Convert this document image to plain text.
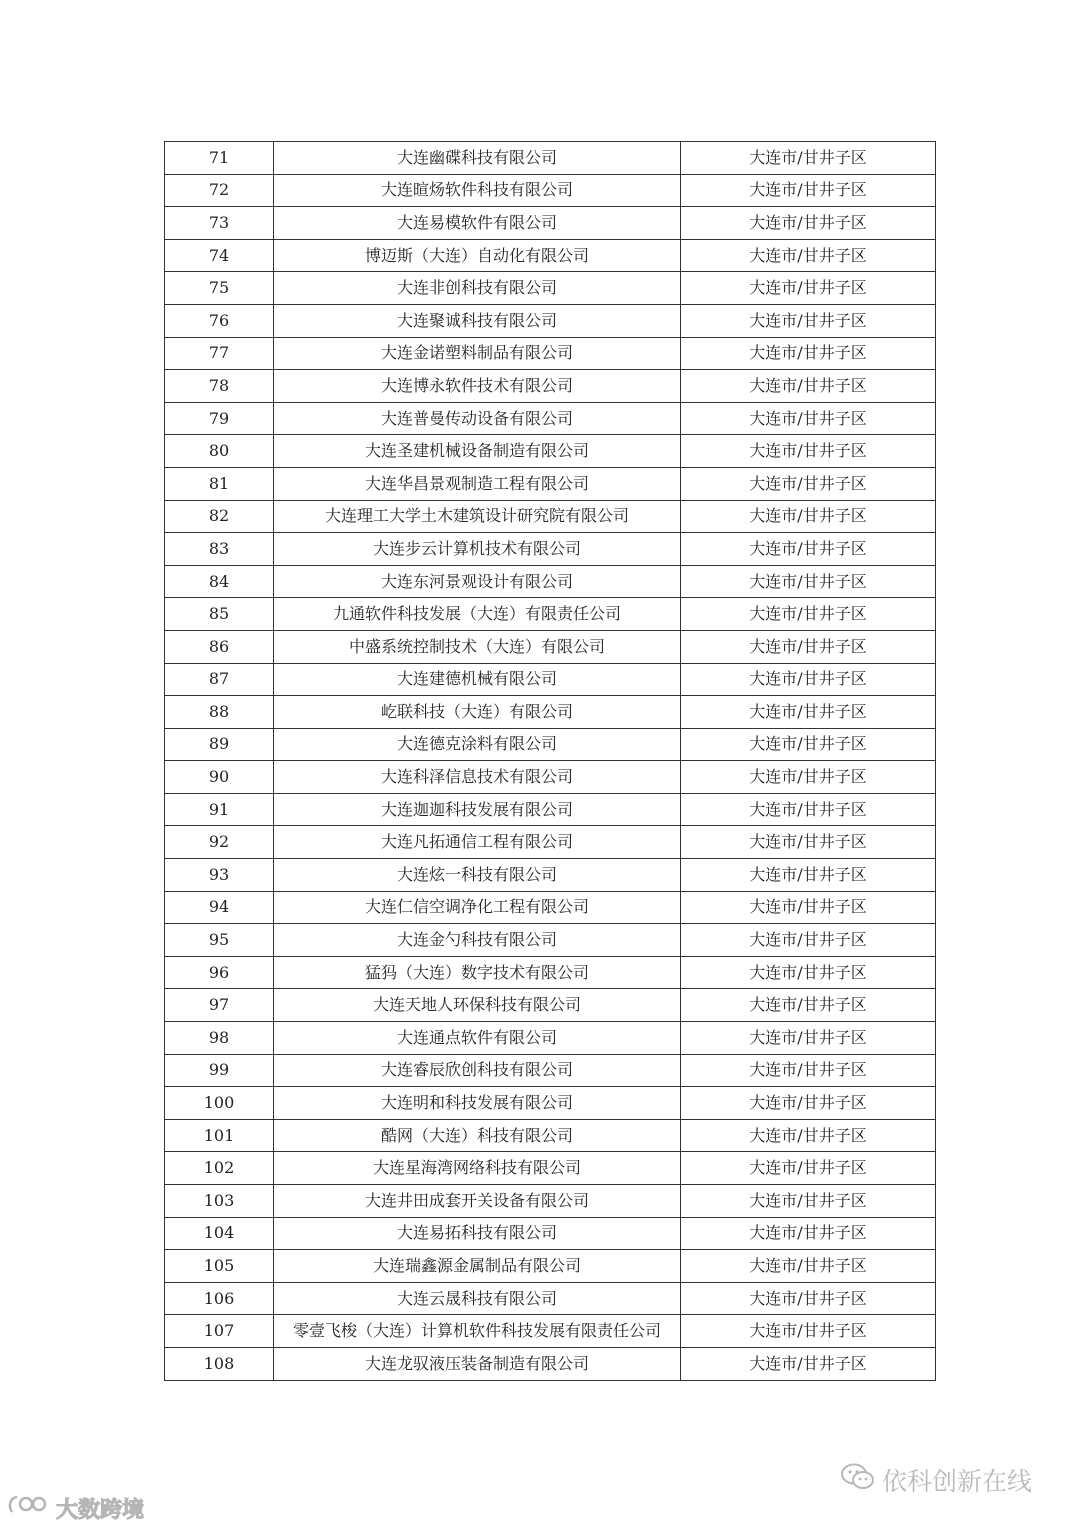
71	大连幽碟科技有限公司	大连市/甘井子区
72	大连暄炀软件科技有限公司	大连市/甘井子区
73	大连易模软件有限公司	大连市/甘井子区
74	博迈斯（大连）自动化有限公司	大连市/甘井子区
75	大连非创科技有限公司	大连市/甘井子区
76	大连聚诚科技有限公司	大连市/甘井子区
77	大连金诺塑料制品有限公司	大连市/甘井子区
78	大连博永软件技术有限公司	大连市/甘井子区
79	大连普曼传动设备有限公司	大连市/甘井子区
80	大连圣建机械设备制造有限公司	大连市/甘井子区
81	大连华昌景观制造工程有限公司	大连市/甘井子区
82	大连理工大学土木建筑设计研究院有限公司	大连市/甘井子区
83	大连步云计算机技术有限公司	大连市/甘井子区
84	大连东河景观设计有限公司	大连市/甘井子区
85	九通软件科技发展（大连）有限责任公司	大连市/甘井子区
86	中盛系统控制技术（大连）有限公司	大连市/甘井子区
87	大连建德机械有限公司	大连市/甘井子区
88	屹联科技（大连）有限公司	大连市/甘井子区
89	大连德克涂料有限公司	大连市/甘井子区
90	大连科泽信息技术有限公司	大连市/甘井子区
91	大连迦迦科技发展有限公司	大连市/甘井子区
92	大连凡拓通信工程有限公司	大连市/甘井子区
93	大连炫一科技有限公司	大连市/甘井子区
94	大连仁信空调净化工程有限公司	大连市/甘井子区
95	大连金勺科技有限公司	大连市/甘井子区
96	猛犸（大连）数字技术有限公司	大连市/甘井子区
97	大连天地人环保科技有限公司	大连市/甘井子区
98	大连通点软件有限公司	大连市/甘井子区
99	大连睿辰欣创科技有限公司	大连市/甘井子区
100	大连明和科技发展有限公司	大连市/甘井子区
101	酷网（大连）科技有限公司	大连市/甘井子区
102	大连星海湾网络科技有限公司	大连市/甘井子区
103	大连井田成套开关设备有限公司	大连市/甘井子区
104	大连易拓科技有限公司	大连市/甘井子区
105	大连瑞鑫源金属制品有限公司	大连市/甘井子区
106	大连云晟科技有限公司	大连市/甘井子区
107	零壹飞梭（大连）计算机软件科技发展有限责任公司	大连市/甘井子区
108	大连龙驭液压装备制造有限公司	大连市/甘井子区
依科创新在线
大数跨境
